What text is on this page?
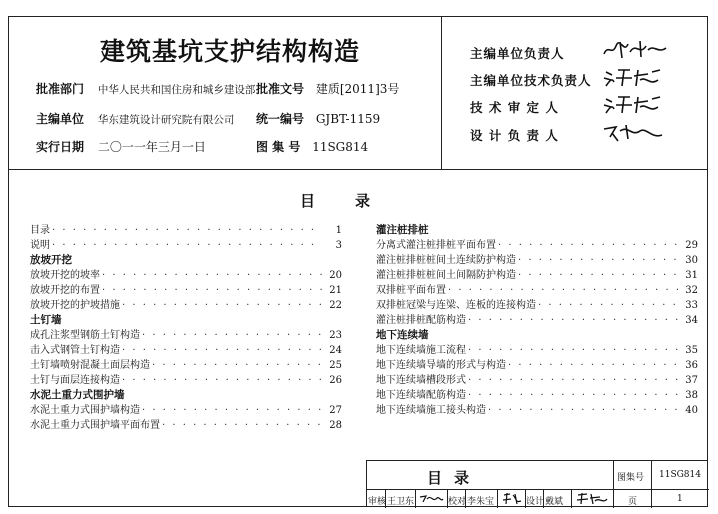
建筑基坑支护结构构造
批准部门 中华人民共和国住房和城乡建设部 批准文号 建质[2011]3号
主编单位 华东建筑设计研究院有限公司 统一编号 GJBT-1159
实行日期 二〇一一年三月一日	图 集 号 11SG814
主编单位负责人
主编单位技术负责人
技 术 审 定 人
设 计 负 责 人
目录
目录 · · ·	1
说明 · · ·	3
放坡开挖
放坡开挖的坡率 · · ·	20
放坡开挖的布置 · · ·	21
放坡开挖的护坡措施 · · ·	22
土钉墙
成孔注浆型钢筋土钉构造 · · ·	23
击入式钢管土钉构造 · · ·	24
土钉墙喷射混凝土面层构造 · · ·	25
土钉与面层连接构造 · · ·	26
水泥土重力式围护墙
水泥土重力式围护墙构造 · · ·	27
水泥土重力式围护墙平面布置 · · ·	28
灌注桩排桩
分离式灌注桩排桩平面布置 · · ·	29
灌注桩排桩桩间土连续防护构造 · · ·	30
灌注桩排桩桩间土间隔防护构造 · · ·	31
双排桩平面布置 · · ·	32
双排桩冠梁与连梁、连板的连接构造 · · ·	33
灌注桩排桩配筋构造 · · ·	34
地下连续墙
地下连续墙施工流程 · · ·	35
地下连续墙导墙的形式与构造 · · ·	36
地下连续墙槽段形式 · · ·	37
地下连续墙配筋构造 · · ·	38
地下连续墙施工接头构造 · · ·	40
目录	图集号 11SG814
审核 王卫东	校对 李朱宝	设计 戴斌	页	1
